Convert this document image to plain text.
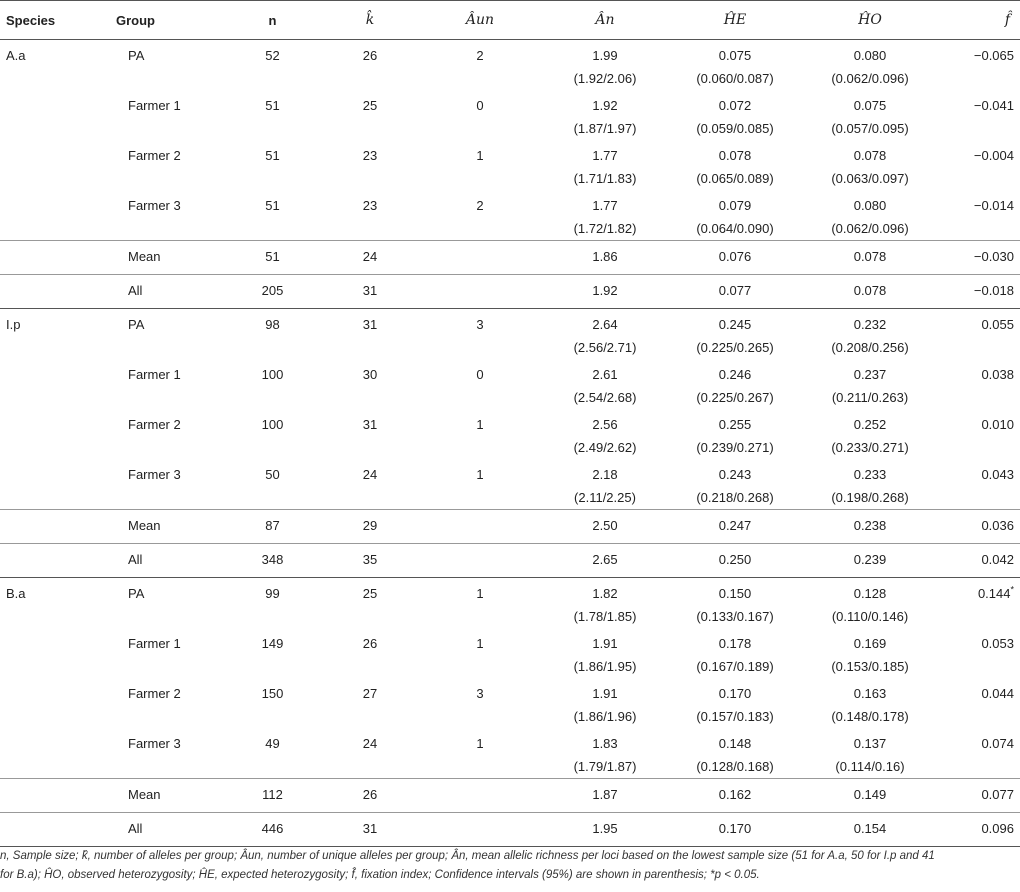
Species	Group	n	k̂	Âun	Ân	ĤE	ĤO	f̂
A.a	PA	52	26	2	1.99	0.075	0.080	−0.065
					(1.92/2.06)	(0.060/0.087)	(0.062/0.096)	
	Farmer 1	51	25	0	1.92	0.072	0.075	−0.041
					(1.87/1.97)	(0.059/0.085)	(0.057/0.095)	
	Farmer 2	51	23	1	1.77	0.078	0.078	−0.004
					(1.71/1.83)	(0.065/0.089)	(0.063/0.097)	
	Farmer 3	51	23	2	1.77	0.079	0.080	−0.014
					(1.72/1.82)	(0.064/0.090)	(0.062/0.096)	
	Mean	51	24		1.86	0.076	0.078	−0.030
	All	205	31		1.92	0.077	0.078	−0.018
I.p	PA	98	31	3	2.64	0.245	0.232	0.055
					(2.56/2.71)	(0.225/0.265)	(0.208/0.256)	
	Farmer 1	100	30	0	2.61	0.246	0.237	0.038
					(2.54/2.68)	(0.225/0.267)	(0.211/0.263)	
	Farmer 2	100	31	1	2.56	0.255	0.252	0.010
					(2.49/2.62)	(0.239/0.271)	(0.233/0.271)	
	Farmer 3	50	24	1	2.18	0.243	0.233	0.043
					(2.11/2.25)	(0.218/0.268)	(0.198/0.268)	
	Mean	87	29		2.50	0.247	0.238	0.036
	All	348	35		2.65	0.250	0.239	0.042
B.a	PA	99	25	1	1.82	0.150	0.128	0.144*
					(1.78/1.85)	(0.133/0.167)	(0.110/0.146)	
	Farmer 1	149	26	1	1.91	0.178	0.169	0.053
					(1.86/1.95)	(0.167/0.189)	(0.153/0.185)	
	Farmer 2	150	27	3	1.91	0.170	0.163	0.044
					(1.86/1.96)	(0.157/0.183)	(0.148/0.178)	
	Farmer 3	49	24	1	1.83	0.148	0.137	0.074
					(1.79/1.87)	(0.128/0.168)	(0.114/0.16)	
	Mean	112	26		1.87	0.162	0.149	0.077
	All	446	31		1.95	0.170	0.154	0.096
n, Sample size; k̂, number of alleles per group; Âun, number of unique alleles per group; Ân, mean allelic richness per loci based on the lowest sample size (51 for A.a, 50 for I.p and 41
for B.a); ĤO, observed heterozygosity; ĤE, expected heterozygosity; f̂, fixation index; Confidence intervals (95%) are shown in parenthesis; *p < 0.05.
